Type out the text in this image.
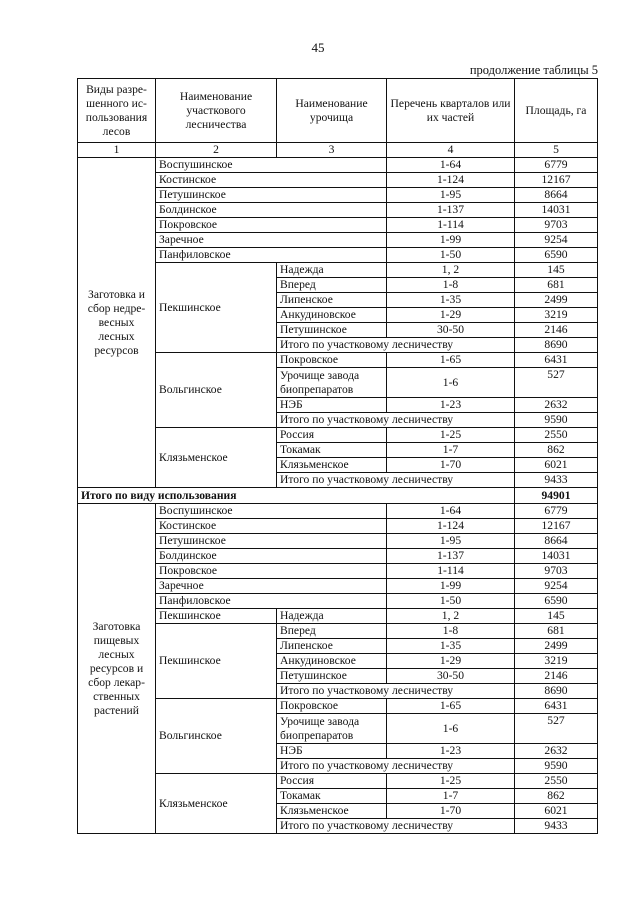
45
продолжение таблицы 5
Виды разре-шенного ис-пользования лесов	Наименование участкового лесничества	Наименование урочища	Перечень кварталов или их частей	Площадь, га
1	2	3	4	5
Заготовка и сбор недре-весных лесных ресурсов	Воспушинское		1-64	6779
	Костинское		1-124	12167
	Петушинское		1-95	8664
	Болдинское		1-137	14031
	Покровское		1-114	9703
	Заречное		1-99	9254
	Панфиловское		1-50	6590
	Пекшинское	Надежда	1, 2	145
		Вперед	1-8	681
		Липенское	1-35	2499
		Анкудиновское	1-29	3219
		Петушинское	30-50	2146
		Итого по участковому лесничеству		8690
	Вольгинское	Покровское	1-65	6431
		Урочище завода биопрепаратов	1-6	527
		НЭБ	1-23	2632
		Итого по участковому лесничеству		9590
	Клязьменское	Россия	1-25	2550
		Токамак	1-7	862
		Клязьменское	1-70	6021
		Итого по участковому лесничеству		9433
Итого по виду использования				94901
Заготовка пищевых лесных ресурсов и сбор лекар-ственных растений	Воспушинское		1-64	6779
	Костинское		1-124	12167
	Петушинское		1-95	8664
	Болдинское		1-137	14031
	Покровское		1-114	9703
	Заречное		1-99	9254
	Панфиловское		1-50	6590
	Пекшинское	Надежда	1, 2	145
	Пекшинское	Вперед	1-8	681
		Липенское	1-35	2499
		Анкудиновское	1-29	3219
		Петушинское	30-50	2146
		Итого по участковому лесничеству		8690
	Вольгинское	Покровское	1-65	6431
		Урочище завода биопрепаратов	1-6	527
		НЭБ	1-23	2632
		Итого по участковому лесничеству		9590
	Клязьменское	Россия	1-25	2550
		Токамак	1-7	862
		Клязьменское	1-70	6021
		Итого по участковому лесничеству		9433
